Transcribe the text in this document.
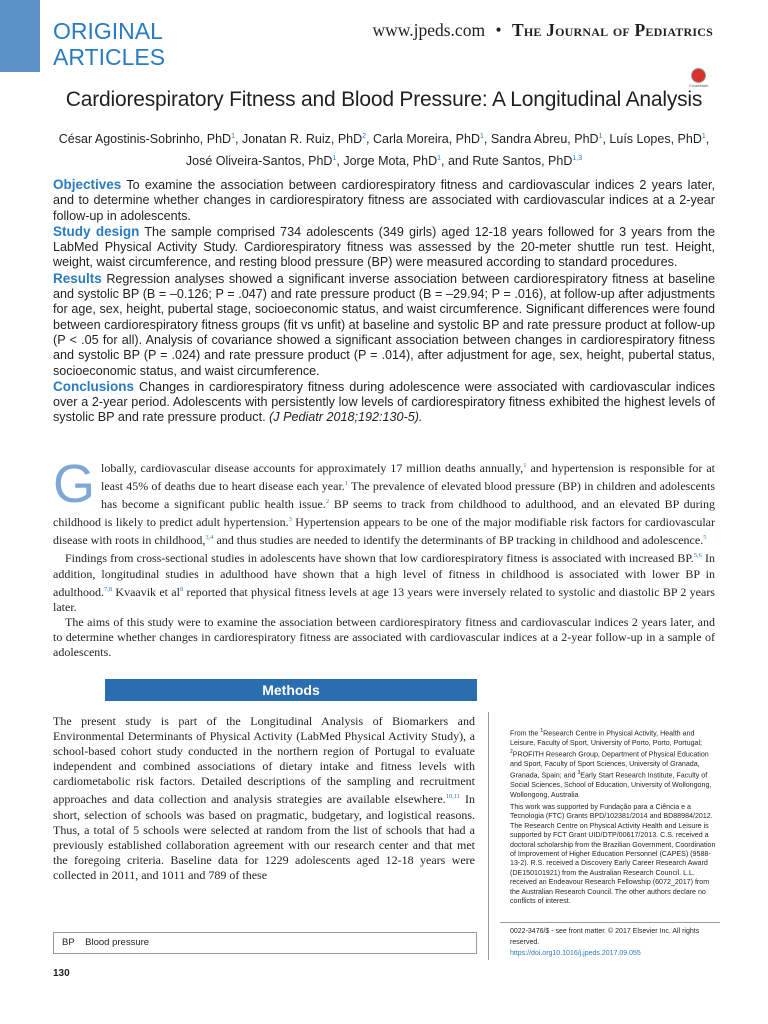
ORIGINAL
ARTICLES
www.jpeds.com • The Journal of Pediatrics
CrossMark
Cardiorespiratory Fitness and Blood Pressure: A Longitudinal Analysis
César Agostinis-Sobrinho, PhD$^1$, Jonatan R. Ruiz, PhD$^2$, Carla Moreira, PhD$^1$, Sandra Abreu, PhD$^1$, Luís Lopes, PhD$^1$,
José Oliveira-Santos, PhD$^1$, Jorge Mota, PhD$^1$, and Rute Santos, PhD$^{1,3}$

Objectives To examine the association between cardiorespiratory fitness and cardiovascular indices 2 years later, and to determine whether changes in cardiorespiratory fitness are associated with cardiovascular indices at a 2-year follow-up in adolescents.

Study design The sample comprised 734 adolescents (349 girls) aged 12-18 years followed for 3 years from the LabMed Physical Activity Study. Cardiorespiratory fitness was assessed by the 20-meter shuttle run test. Height, weight, waist circumference, and resting blood pressure (BP) were measured according to standard procedures.

Results Regression analyses showed a significant inverse association between cardiorespiratory fitness at baseline and systolic BP (B = –0.126; P = .047) and rate pressure product (B = –29.94; P = .016), at follow-up after adjustments for age, sex, height, pubertal stage, socioeconomic status, and waist circumference. Significant differences were found between cardiorespiratory fitness groups (fit vs unfit) at baseline and systolic BP and rate pressure product at follow-up (P < .05 for all). Analysis of covariance showed a significant association between changes in cardiorespiratory fitness and systolic BP (P = .024) and rate pressure product (P = .014), after adjustment for age, sex, height, pubertal status, socioeconomic status, and waist circumference.

Conclusions Changes in cardiorespiratory fitness during adolescence were associated with cardiovascular indices over a 2-year period. Adolescents with persistently low levels of cardiorespiratory fitness exhibited the highest levels of systolic BP and rate pressure product. (J Pediatr 2018;192:130-5).

Globally, cardiovascular disease accounts for approximately 17 million deaths annually,$^1$ and hypertension is responsible for at least 45% of deaths due to heart disease each year.$^1$ The prevalence of elevated blood pressure (BP) in children and adolescents has become a significant public health issue.$^2$ BP seems to track from childhood to adulthood, and an elevated BP during childhood is likely to predict adult hypertension.$^3$ Hypertension appears to be one of the major modifiable risk factors for cardiovascular disease with roots in childhood,$^{3,4}$ and thus studies are needed to identify the determinants of BP tracking in childhood and adolescence.$^5$

Findings from cross-sectional studies in adolescents have shown that low cardiorespiratory fitness is associated with increased BP.$^{5,6}$ In addition, longitudinal studies in adulthood have shown that a high level of fitness in childhood is associated with lower BP in adulthood.$^{7,8}$ Kvaavik et $al^8$ reported that physical fitness levels at age 13 years were inversely related to systolic and diastolic BP 2 years later.

The aims of this study were to examine the association between cardiorespiratory fitness and cardiovascular indices 2 years later, and to determine whether changes in cardiorespiratory fitness are associated with cardiovascular indices at a 2-year follow-up in a sample of adolescents.

Methods

The present study is part of the Longitudinal Analysis of Biomarkers and Environmental Determinants of Physical Activity (LabMed Physical Activity Study), a school-based cohort study conducted in the northern region of Portugal to evaluate independent and combined associations of dietary intake and fitness levels with cardiometabolic risk factors. Detailed descriptions of the sampling and recruitment approaches and data collection and analysis strategies are available elsewhere.$^{10,11}$ In short, selection of schools was based on pragmatic, budgetary, and logistical reasons. Thus, a total of 5 schools were selected at random from the list of schools that had a previously established collaboration agreement with our research center and that met the foregoing criteria. Baseline data for 1229 adolescents aged 12-18 years were collected in 2011, and 1011 and 789 of these

From the $^1$Research Centre in Physical Activity, Health and Leisure, Faculty of Sport, University of Porto, Porto, Portugal; $^2$PROFITH Research Group, Department of Physical Education and Sport, Faculty of Sport Sciences, University of Granada, Granada, Spain; and $^3$Early Start Research Institute, Faculty of Social Sciences, School of Education, University of Wollongong, Wollongong, Australia

This work was supported by Fundação para a Ciência e a Tecnologia (FTC) Grants BPD/102381/2014 and BD88984/2012. The Research Centre on Physical Activity Health and Leisure is supported by FCT Grant UID/DTP/00617/2013. C.S. received a doctoral scholarship from the Brazilian Government, Coordination of Improvement of Higher Education Personnel (CAPES) (9588-13-2). R.S. received a Discovery Early Career Research Award (DE150101921) from the Australian Research Council. L.L. received an Endeavour Research Fellowship (6072_2017) from the Australian Research Council. The other authors declare no conflicts of interest.

0022-3476/$ - see front matter. © 2017 Elsevier Inc. All rights reserved.
https://doi.org10.1016/j.jpeds.2017.09.055
BP Blood pressure
130
